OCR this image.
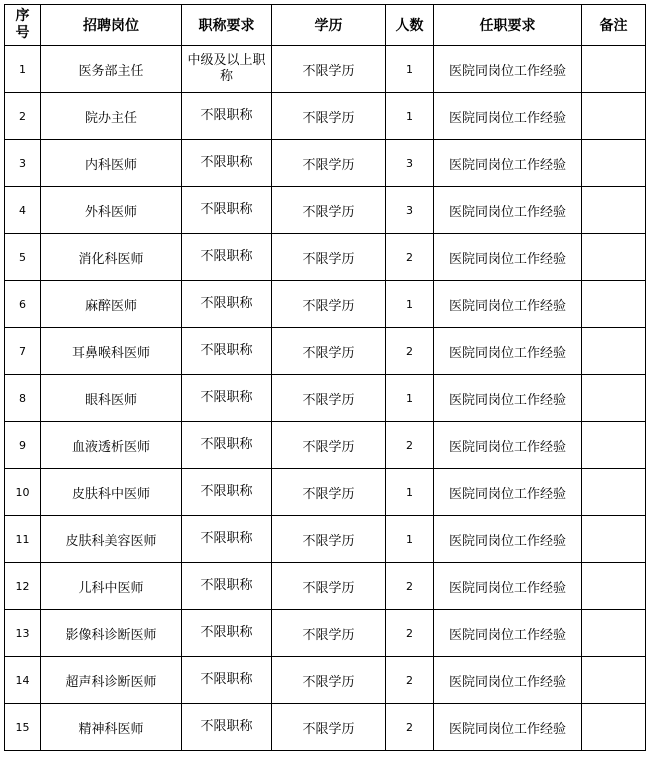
序
号	招聘岗位	职称要求	学历	人数	任职要求	备注
1	医务部主任	中级及以上职称	不限学历	1	医院同岗位工作经验	
2	院办主任	不限职称	不限学历	1	医院同岗位工作经验	
3	内科医师	不限职称	不限学历	3	医院同岗位工作经验	
4	外科医师	不限职称	不限学历	3	医院同岗位工作经验	
5	消化科医师	不限职称	不限学历	2	医院同岗位工作经验	
6	麻醉医师	不限职称	不限学历	1	医院同岗位工作经验	
7	耳鼻喉科医师	不限职称	不限学历	2	医院同岗位工作经验	
8	眼科医师	不限职称	不限学历	1	医院同岗位工作经验	
9	血液透析医师	不限职称	不限学历	2	医院同岗位工作经验	
10	皮肤科中医师	不限职称	不限学历	1	医院同岗位工作经验	
11	皮肤科美容医师	不限职称	不限学历	1	医院同岗位工作经验	
12	儿科中医师	不限职称	不限学历	2	医院同岗位工作经验	
13	影像科诊断医师	不限职称	不限学历	2	医院同岗位工作经验	
14	超声科诊断医师	不限职称	不限学历	2	医院同岗位工作经验	
15	精神科医师	不限职称	不限学历	2	医院同岗位工作经验	
